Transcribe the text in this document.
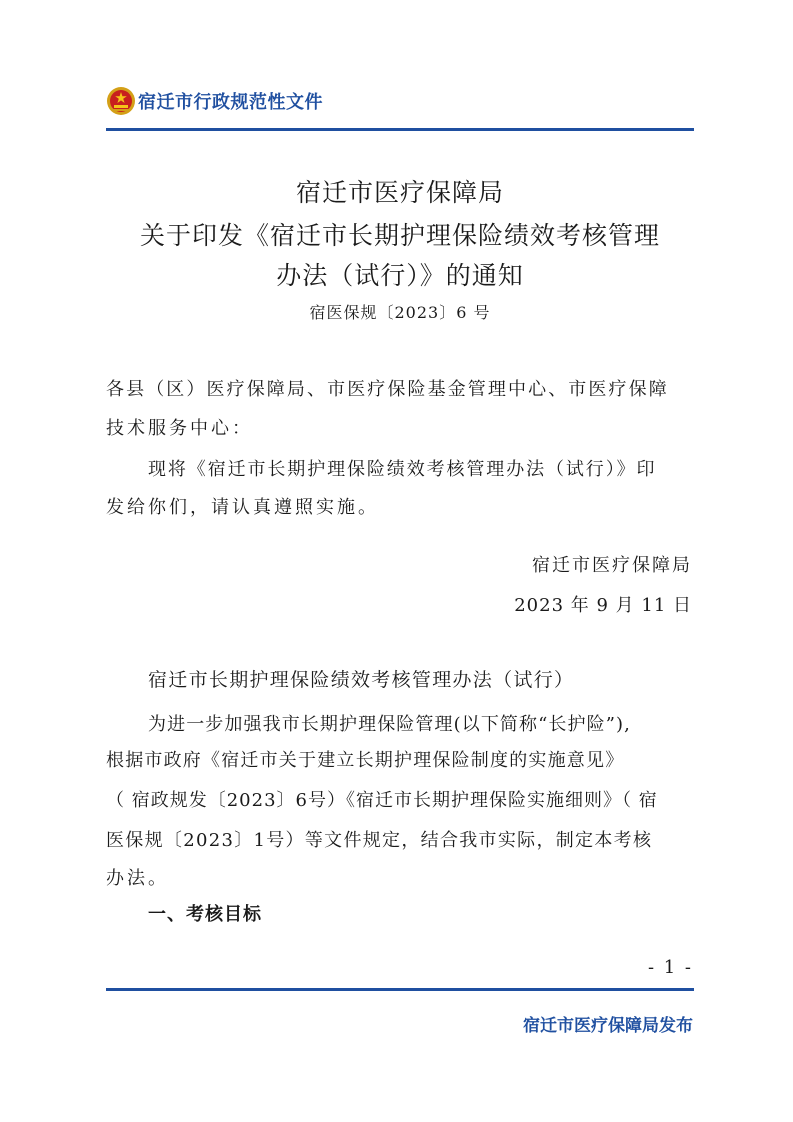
宿迁市行政规范性文件
宿迁市医疗保障局
关于印发《宿迁市长期护理保险绩效考核管理
办法（试行）》的通知
宿医保规〔2023〕6 号
各县（区）医疗保障局、市医疗保险基金管理中心、市医疗保障
技术服务中心：
现将《宿迁市长期护理保险绩效考核管理办法（试行）》印
发给你们，请认真遵照实施。
宿迁市医疗保障局
2023 年 9 月 11 日
宿迁市长期护理保险绩效考核管理办法（试行）
为进一步加强我市长期护理保险管理(以下简称“长护险”),
根据市政府《宿迁市关于建立长期护理保险制度的实施意见》
（ 宿政规发〔2023〕6号）《宿迁市长期护理保险实施细则》（ 宿
医保规〔2023〕1号）等文件规定，结合我市实际，制定本考核
办法。
一、考核目标
- 1 -
宿迁市医疗保障局发布
